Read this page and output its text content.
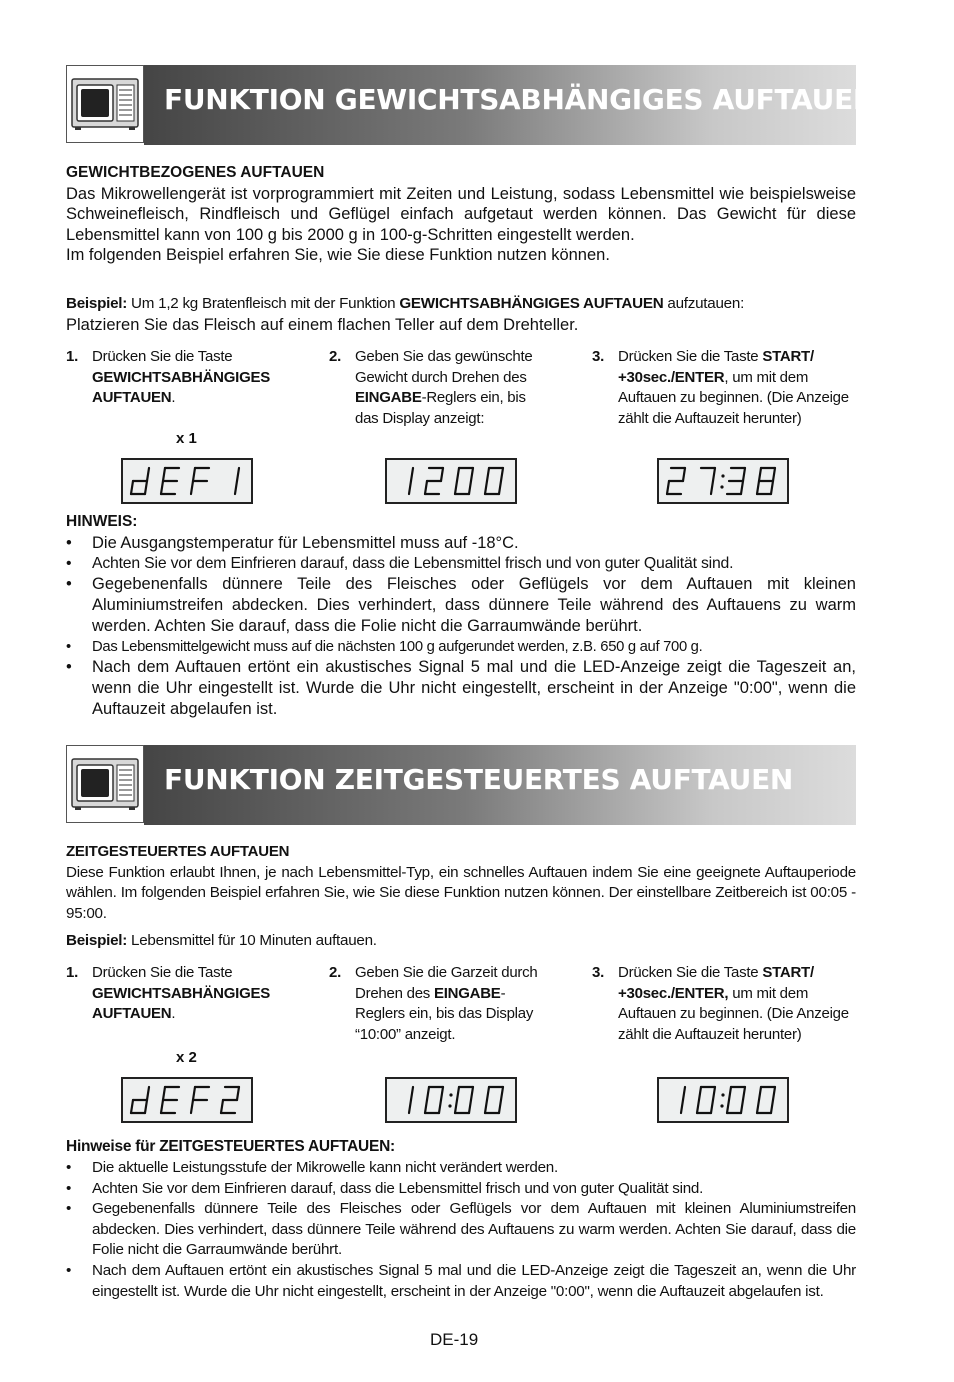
FUNKTION GEWICHTSABHÄNGIGES AUFTAUEN
GEWICHTBEZOGENES AUFTAUEN
Das Mikrowellengerät ist vorprogrammiert mit Zeiten und Leistung, sodass Lebensmittel wie beispielsweise Schweinefleisch, Rindfleisch und Geflügel einfach aufgetaut werden können. Das Gewicht für diese Lebensmittel kann von 100 g bis 2000 g in 100-g-Schritten eingestellt werden.
Im folgenden Beispiel erfahren Sie, wie Sie diese Funktion nutzen können.
Beispiel: Um 1,2 kg Bratenfleisch mit der Funktion GEWICHTSABHÄNGIGES AUFTAUEN aufzutauen:
Platzieren Sie das Fleisch auf einem flachen Teller auf dem Drehteller.
1. Drücken Sie die Taste GEWICHTSABHÄNGIGES AUFTAUEN.
2. Geben Sie das gewünschte Gewicht durch Drehen des EINGABE-Reglers ein, bis das Display anzeigt:
3. Drücken Sie die Taste START/ +30sec./ENTER, um mit dem Auftauen zu beginnen. (Die Anzeige zählt die Auftauzeit herunter)
x 1
HINWEIS:
• Die Ausgangstemperatur für Lebensmittel muss auf -18°C.
• Achten Sie vor dem Einfrieren darauf, dass die Lebensmittel frisch und von guter Qualität sind.
• Gegebenenfalls dünnere Teile des Fleisches oder Geflügels vor dem Auftauen mit kleinen Aluminiumstreifen abdecken. Dies verhindert, dass dünnere Teile während des Auftauens zu warm werden. Achten Sie darauf, dass die Folie nicht die Garraumwände berührt.
• Das Lebensmittelgewicht muss auf die nächsten 100 g aufgerundet werden, z.B. 650 g auf 700 g.
• Nach dem Auftauen ertönt ein akustisches Signal 5 mal und die LED-Anzeige zeigt die Tageszeit an, wenn die Uhr eingestellt ist. Wurde die Uhr nicht eingestellt, erscheint in der Anzeige "0:00", wenn die Auftauzeit abgelaufen ist.
FUNKTION ZEITGESTEUERTES AUFTAUEN
ZEITGESTEUERTES AUFTAUEN
Diese Funktion erlaubt Ihnen, je nach Lebensmittel-Typ, ein schnelles Auftauen indem Sie eine geeignete Auftauperiode wählen. Im folgenden Beispiel erfahren Sie, wie Sie diese Funktion nutzen können. Der einstellbare Zeitbereich ist 00:05 - 95:00.
Beispiel: Lebensmittel für 10 Minuten auftauen.
1. Drücken Sie die Taste GEWICHTSABHÄNGIGES AUFTAUEN.
2. Geben Sie die Garzeit durch Drehen des EINGABE-Reglers ein, bis das Display “10:00” anzeigt.
3. Drücken Sie die Taste START/ +30sec./ENTER, um mit dem Auftauen zu beginnen. (Die Anzeige zählt die Auftauzeit herunter)
x 2
Hinweise für ZEITGESTEUERTES AUFTAUEN:
• Die aktuelle Leistungsstufe der Mikrowelle kann nicht verändert werden.
• Achten Sie vor dem Einfrieren darauf, dass die Lebensmittel frisch und von guter Qualität sind.
• Gegebenenfalls dünnere Teile des Fleisches oder Geflügels vor dem Auftauen mit kleinen Aluminiumstreifen abdecken. Dies verhindert, dass dünnere Teile während des Auftauens zu warm werden. Achten Sie darauf, dass die Folie nicht die Garraumwände berührt.
• Nach dem Auftauen ertönt ein akustisches Signal 5 mal und die LED-Anzeige zeigt die Tageszeit an, wenn die Uhr eingestellt ist. Wurde die Uhr nicht eingestellt, erscheint in der Anzeige "0:00", wenn die Auftauzeit abgelaufen ist.
DE-19
